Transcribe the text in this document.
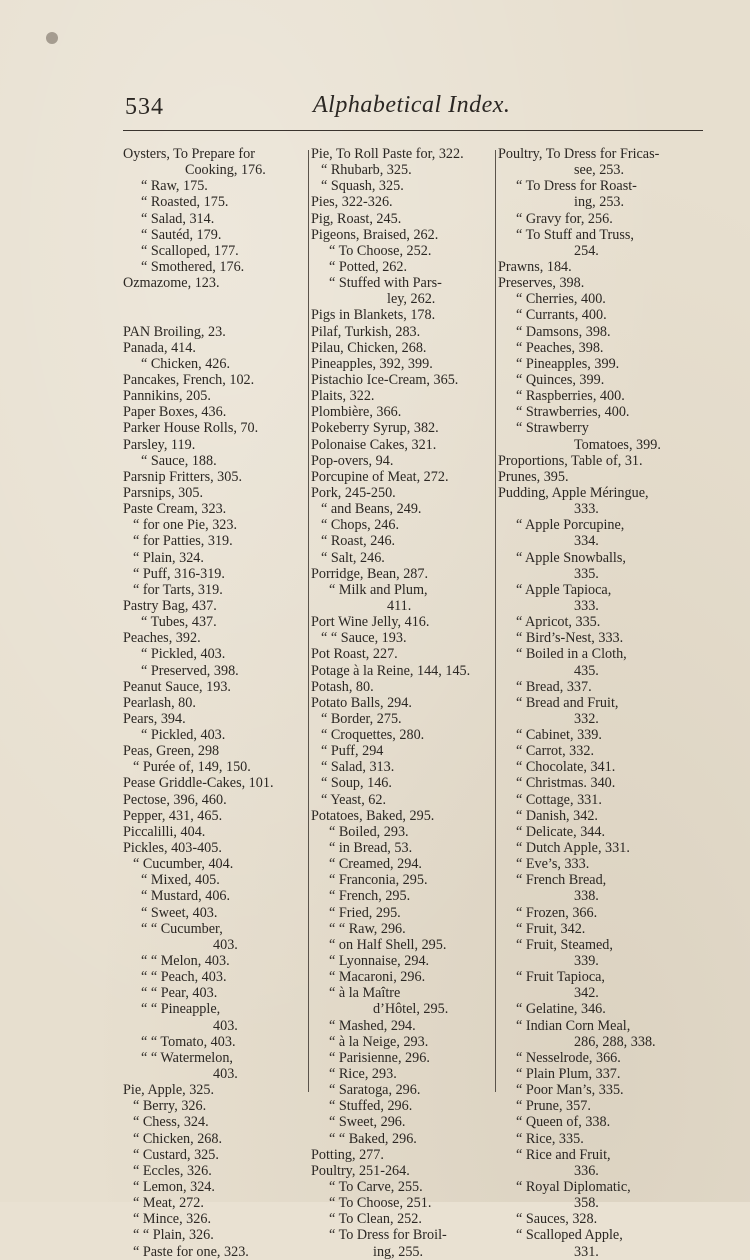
534	Alphabetical Index.
Oysters, To Prepare for
Cooking, 176.
“ Raw, 175.
“ Roasted, 175.
“ Salad, 314.
“ Sautéd, 179.
“ Scalloped, 177.
“ Smothered, 176.
Ozmazome, 123.
PAN Broiling, 23.
Panada, 414.
“ Chicken, 426.
Pancakes, French, 102.
Pannikins, 205.
Paper Boxes, 436.
Parker House Rolls, 70.
Parsley, 119.
“ Sauce, 188.
Parsnip Fritters, 305.
Parsnips, 305.
Paste Cream, 323.
“ for one Pie, 323.
“ for Patties, 319.
“ Plain, 324.
“ Puff, 316-319.
“ for Tarts, 319.
Pastry Bag, 437.
“ Tubes, 437.
Peaches, 392.
“ Pickled, 403.
“ Preserved, 398.
Peanut Sauce, 193.
Pearlash, 80.
Pears, 394.
“ Pickled, 403.
Peas, Green, 298
“ Purée of, 149, 150.
Pease Griddle-Cakes, 101.
Pectose, 396, 460.
Pepper, 431, 465.
Piccalilli, 404.
Pickles, 403-405.
“ Cucumber, 404.
“ Mixed, 405.
“ Mustard, 406.
“ Sweet, 403.
“ “ Cucumber,
403.
“ “ Melon, 403.
“ “ Peach, 403.
“ “ Pear, 403.
“ “ Pineapple,
403.
“ “ Tomato, 403.
“ “ Watermelon,
403.
Pie, Apple, 325.
“ Berry, 326.
“ Chess, 324.
“ Chicken, 268.
“ Custard, 325.
“ Eccles, 326.
“ Lemon, 324.
“ Meat, 272.
“ Mince, 326.
“ “ Plain, 326.
“ Paste for one, 323.
Pie, To Roll Paste for, 322.
“ Rhubarb, 325.
“ Squash, 325.
Pies, 322-326.
Pig, Roast, 245.
Pigeons, Braised, 262.
“ To Choose, 252.
“ Potted, 262.
“ Stuffed with Pars-
ley, 262.
Pigs in Blankets, 178.
Pilaf, Turkish, 283.
Pilau, Chicken, 268.
Pineapples, 392, 399.
Pistachio Ice-Cream, 365.
Plaits, 322.
Plombière, 366.
Pokeberry Syrup, 382.
Polonaise Cakes, 321.
Pop-overs, 94.
Porcupine of Meat, 272.
Pork, 245-250.
“ and Beans, 249.
“ Chops, 246.
“ Roast, 246.
“ Salt, 246.
Porridge, Bean, 287.
“ Milk and Plum,
411.
Port Wine Jelly, 416.
“ “ Sauce, 193.
Pot Roast, 227.
Potage à la Reine, 144, 145.
Potash, 80.
Potato Balls, 294.
“ Border, 275.
“ Croquettes, 280.
“ Puff, 294
“ Salad, 313.
“ Soup, 146.
“ Yeast, 62.
Potatoes, Baked, 295.
“ Boiled, 293.
“ in Bread, 53.
“ Creamed, 294.
“ Franconia, 295.
“ French, 295.
“ Fried, 295.
“ “ Raw, 296.
“ on Half Shell, 295.
“ Lyonnaise, 294.
“ Macaroni, 296.
“ à la Maître
d’Hôtel, 295.
“ Mashed, 294.
“ à la Neige, 293.
“ Parisienne, 296.
“ Rice, 293.
“ Saratoga, 296.
“ Stuffed, 296.
“ Sweet, 296.
“ “ Baked, 296.
Potting, 277.
Poultry, 251-264.
“ To Carve, 255.
“ To Choose, 251.
“ To Clean, 252.
“ To Dress for Broil-
ing, 255.
Poultry, To Dress for Fricas-
see, 253.
“ To Dress for Roast-
ing, 253.
“ Gravy for, 256.
“ To Stuff and Truss,
254.
Prawns, 184.
Preserves, 398.
“ Cherries, 400.
“ Currants, 400.
“ Damsons, 398.
“ Peaches, 398.
“ Pineapples, 399.
“ Quinces, 399.
“ Raspberries, 400.
“ Strawberries, 400.
“ Strawberry
Tomatoes, 399.
Proportions, Table of, 31.
Prunes, 395.
Pudding, Apple Méringue,
333.
“ Apple Porcupine,
334.
“ Apple Snowballs,
335.
“ Apple Tapioca,
333.
“ Apricot, 335.
“ Bird’s-Nest, 333.
“ Boiled in a Cloth,
435.
“ Bread, 337.
“ Bread and Fruit,
332.
“ Cabinet, 339.
“ Carrot, 332.
“ Chocolate, 341.
“ Christmas. 340.
“ Cottage, 331.
“ Danish, 342.
“ Delicate, 344.
“ Dutch Apple, 331.
“ Eve’s, 333.
“ French Bread,
338.
“ Frozen, 366.
“ Fruit, 342.
“ Fruit, Steamed,
339.
“ Fruit Tapioca,
342.
“ Gelatine, 346.
“ Indian Corn Meal,
286, 288, 338.
“ Nesselrode, 366.
“ Plain Plum, 337.
“ Poor Man’s, 335.
“ Prune, 357.
“ Queen of, 338.
“ Rice, 335.
“ Rice and Fruit,
336.
“ Royal Diplomatic,
358.
“ Sauces, 328.
“ Scalloped Apple,
331.
